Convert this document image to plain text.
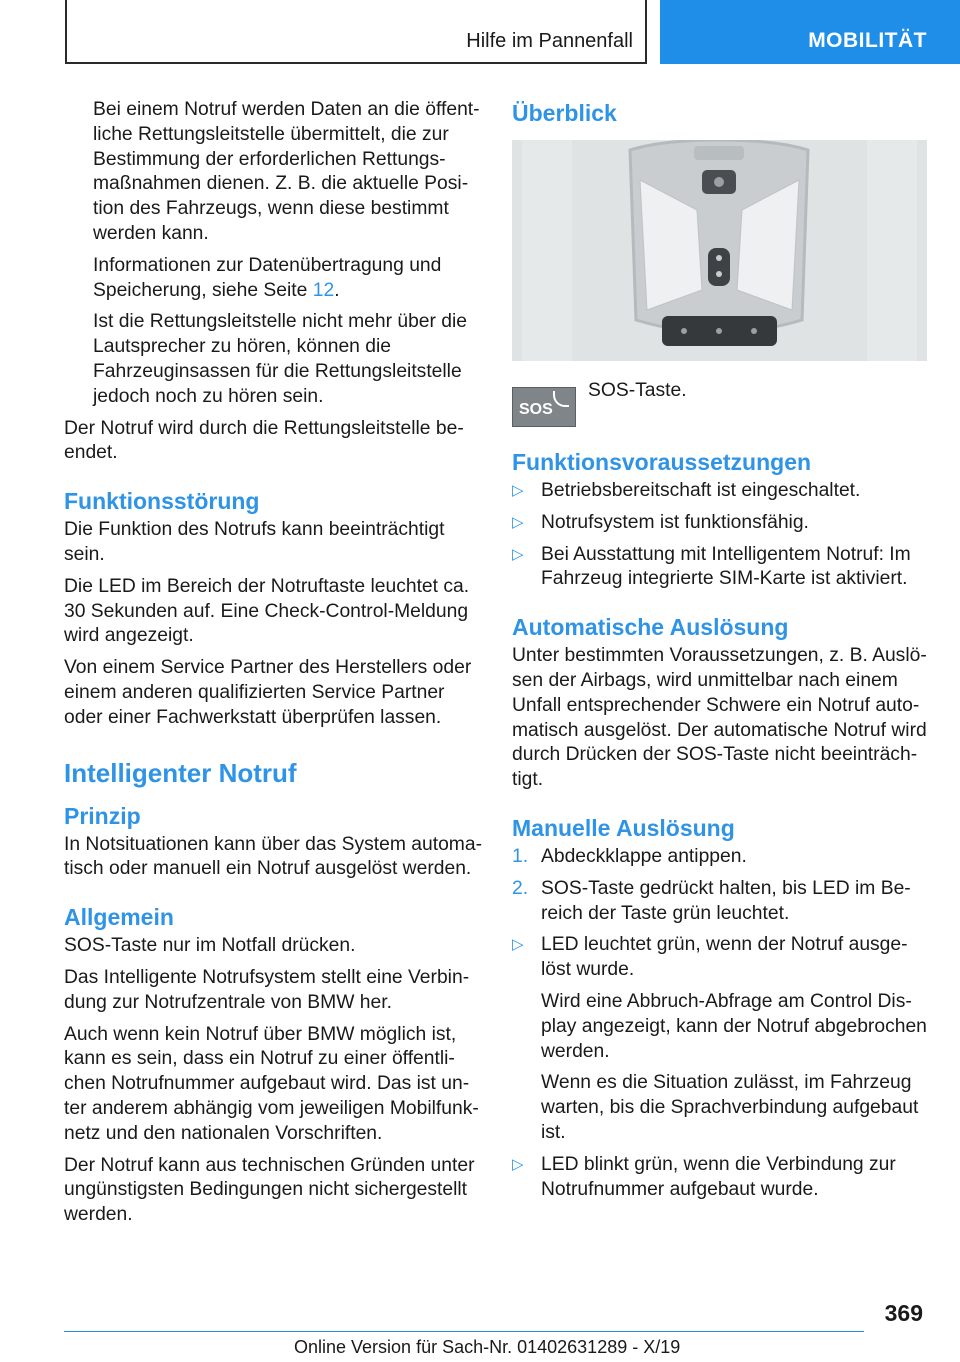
Hilfe im Pannenfall	MOBILITÄT

Bei einem Notruf werden Daten an die öffentliche Rettungsleitstelle übermittelt, die zur Bestimmung der erforderlichen Rettungsmaßnahmen dienen. Z. B. die aktuelle Position des Fahrzeugs, wenn diese bestimmt werden kann.

Informationen zur Datenübertragung und Speicherung, siehe Seite 12.

Ist die Rettungsleitstelle nicht mehr über die Lautsprecher zu hören, können die Fahrzeuginsassen für die Rettungsleitstelle jedoch noch zu hören sein.

Der Notruf wird durch die Rettungsleitstelle beendet.

Funktionsstörung

Die Funktion des Notrufs kann beeinträchtigt sein.

Die LED im Bereich der Notruftaste leuchtet ca. 30 Sekunden auf. Eine Check-Control-Meldung wird angezeigt.

Von einem Service Partner des Herstellers oder einem anderen qualifizierten Service Partner oder einer Fachwerkstatt überprüfen lassen.

Intelligenter Notruf
Prinzip

In Notsituationen kann über das System automatisch oder manuell ein Notruf ausgelöst werden.

Allgemein

SOS-Taste nur im Notfall drücken.

Das Intelligente Notrufsystem stellt eine Verbindung zur Notrufzentrale von BMW her.

Auch wenn kein Notruf über BMW möglich ist, kann es sein, dass ein Notruf zu einer öffentlichen Notrufnummer aufgebaut wird. Das ist unter anderem abhängig vom jeweiligen Mobilfunknetz und den nationalen Vorschriften.

Der Notruf kann aus technischen Gründen unter ungünstigsten Bedingungen nicht sichergestellt werden.

Überblick
SOS
SOS-Taste.
Funktionsvoraussetzungen
▷ Betriebsbereitschaft ist eingeschaltet.
▷ Notrufsystem ist funktionsfähig.
▷ Bei Ausstattung mit Intelligentem Notruf: Im Fahrzeug integrierte SIM-Karte ist aktiviert.
Automatische Auslösung

Unter bestimmten Voraussetzungen, z. B. Auslösen der Airbags, wird unmittelbar nach einem Unfall entsprechender Schwere ein Notruf automatisch ausgelöst. Der automatische Notruf wird durch Drücken der SOS-Taste nicht beeinträchtigt.

Manuelle Auslösung
1. Abdeckklappe antippen.
2. SOS-Taste gedrückt halten, bis LED im Bereich der Taste grün leuchtet.
▷ LED leuchtet grün, wenn der Notruf ausgelöst wurde.

Wird eine Abbruch-Abfrage am Control Display angezeigt, kann der Notruf abgebrochen werden.

Wenn es die Situation zulässt, im Fahrzeug warten, bis die Sprachverbindung aufgebaut ist.

▷ LED blinkt grün, wenn die Verbindung zur Notrufnummer aufgebaut wurde.
369
Online Version für Sach-Nr. 01402631289 - X/19
